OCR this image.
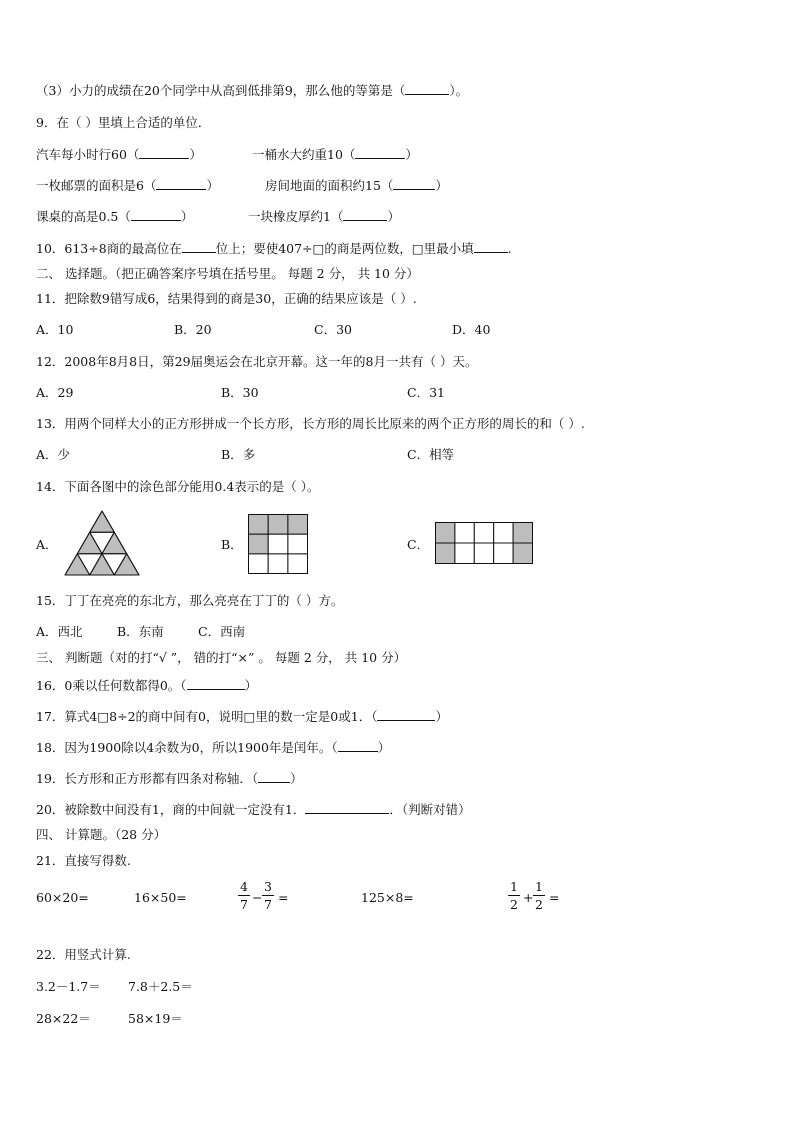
（3）小力的成绩在20个同学中从高到低排第9，那么他的等第是（	）。
9．在（ ）里填上合适的单位．
汽车每小时行60（	）	一桶水大约重10（	）
一枚邮票的面积是6（	）	房间地面的面积约15（	）
课桌的高是0.5（	）	一块橡皮厚约1（	）
10．613÷8商的最高位在	位上；要使407÷□的商是两位数，□里最小填	.
二、 选择题。（把正确答案序号填在括号里。 每题 2 分， 共 10 分）
11．把除数9错写成6，结果得到的商是30，正确的结果应该是（ ）.
A．10	B．20	C．30	D．40
12．2008年8月8日，第29届奥运会在北京开幕。这一年的8月一共有（ ）天。
A．29	B．30	C．31
13．用两个同样大小的正方形拼成一个长方形，长方形的周长比原来的两个正方形的周长的和（ ）.
A．少	B．多	C．相等
14．下面各图中的涂色部分能用0.4表示的是（ ）。
A．	B．	C．
15．丁丁在亮亮的东北方，那么亮亮在丁丁的（ ）方。
A．西北	B．东南	C．西南
三、 判断题（对的打“√ ”， 错的打“×” 。 每题 2 分， 共 10 分）
16．0乘以任何数都得0。（	）
17．算式4□8÷2的商中间有0，说明□里的数一定是0或1．（	）
18．因为1900除以4余数为0，所以1900年是闰年。（	）
19．长方形和正方形都有四条对称轴．（	）
20．被除数中间没有1，商的中间就一定没有1．	．（判断对错）
四、 计算题。（28 分）
21．直接写得数.
60×20=	16×50=
4
7 −
3
7 =	125×8=
1
2 +
1
2 =
22．用竖式计算.
3.2－1.7＝ 7.8＋2.5＝
28×22＝	58×19＝
